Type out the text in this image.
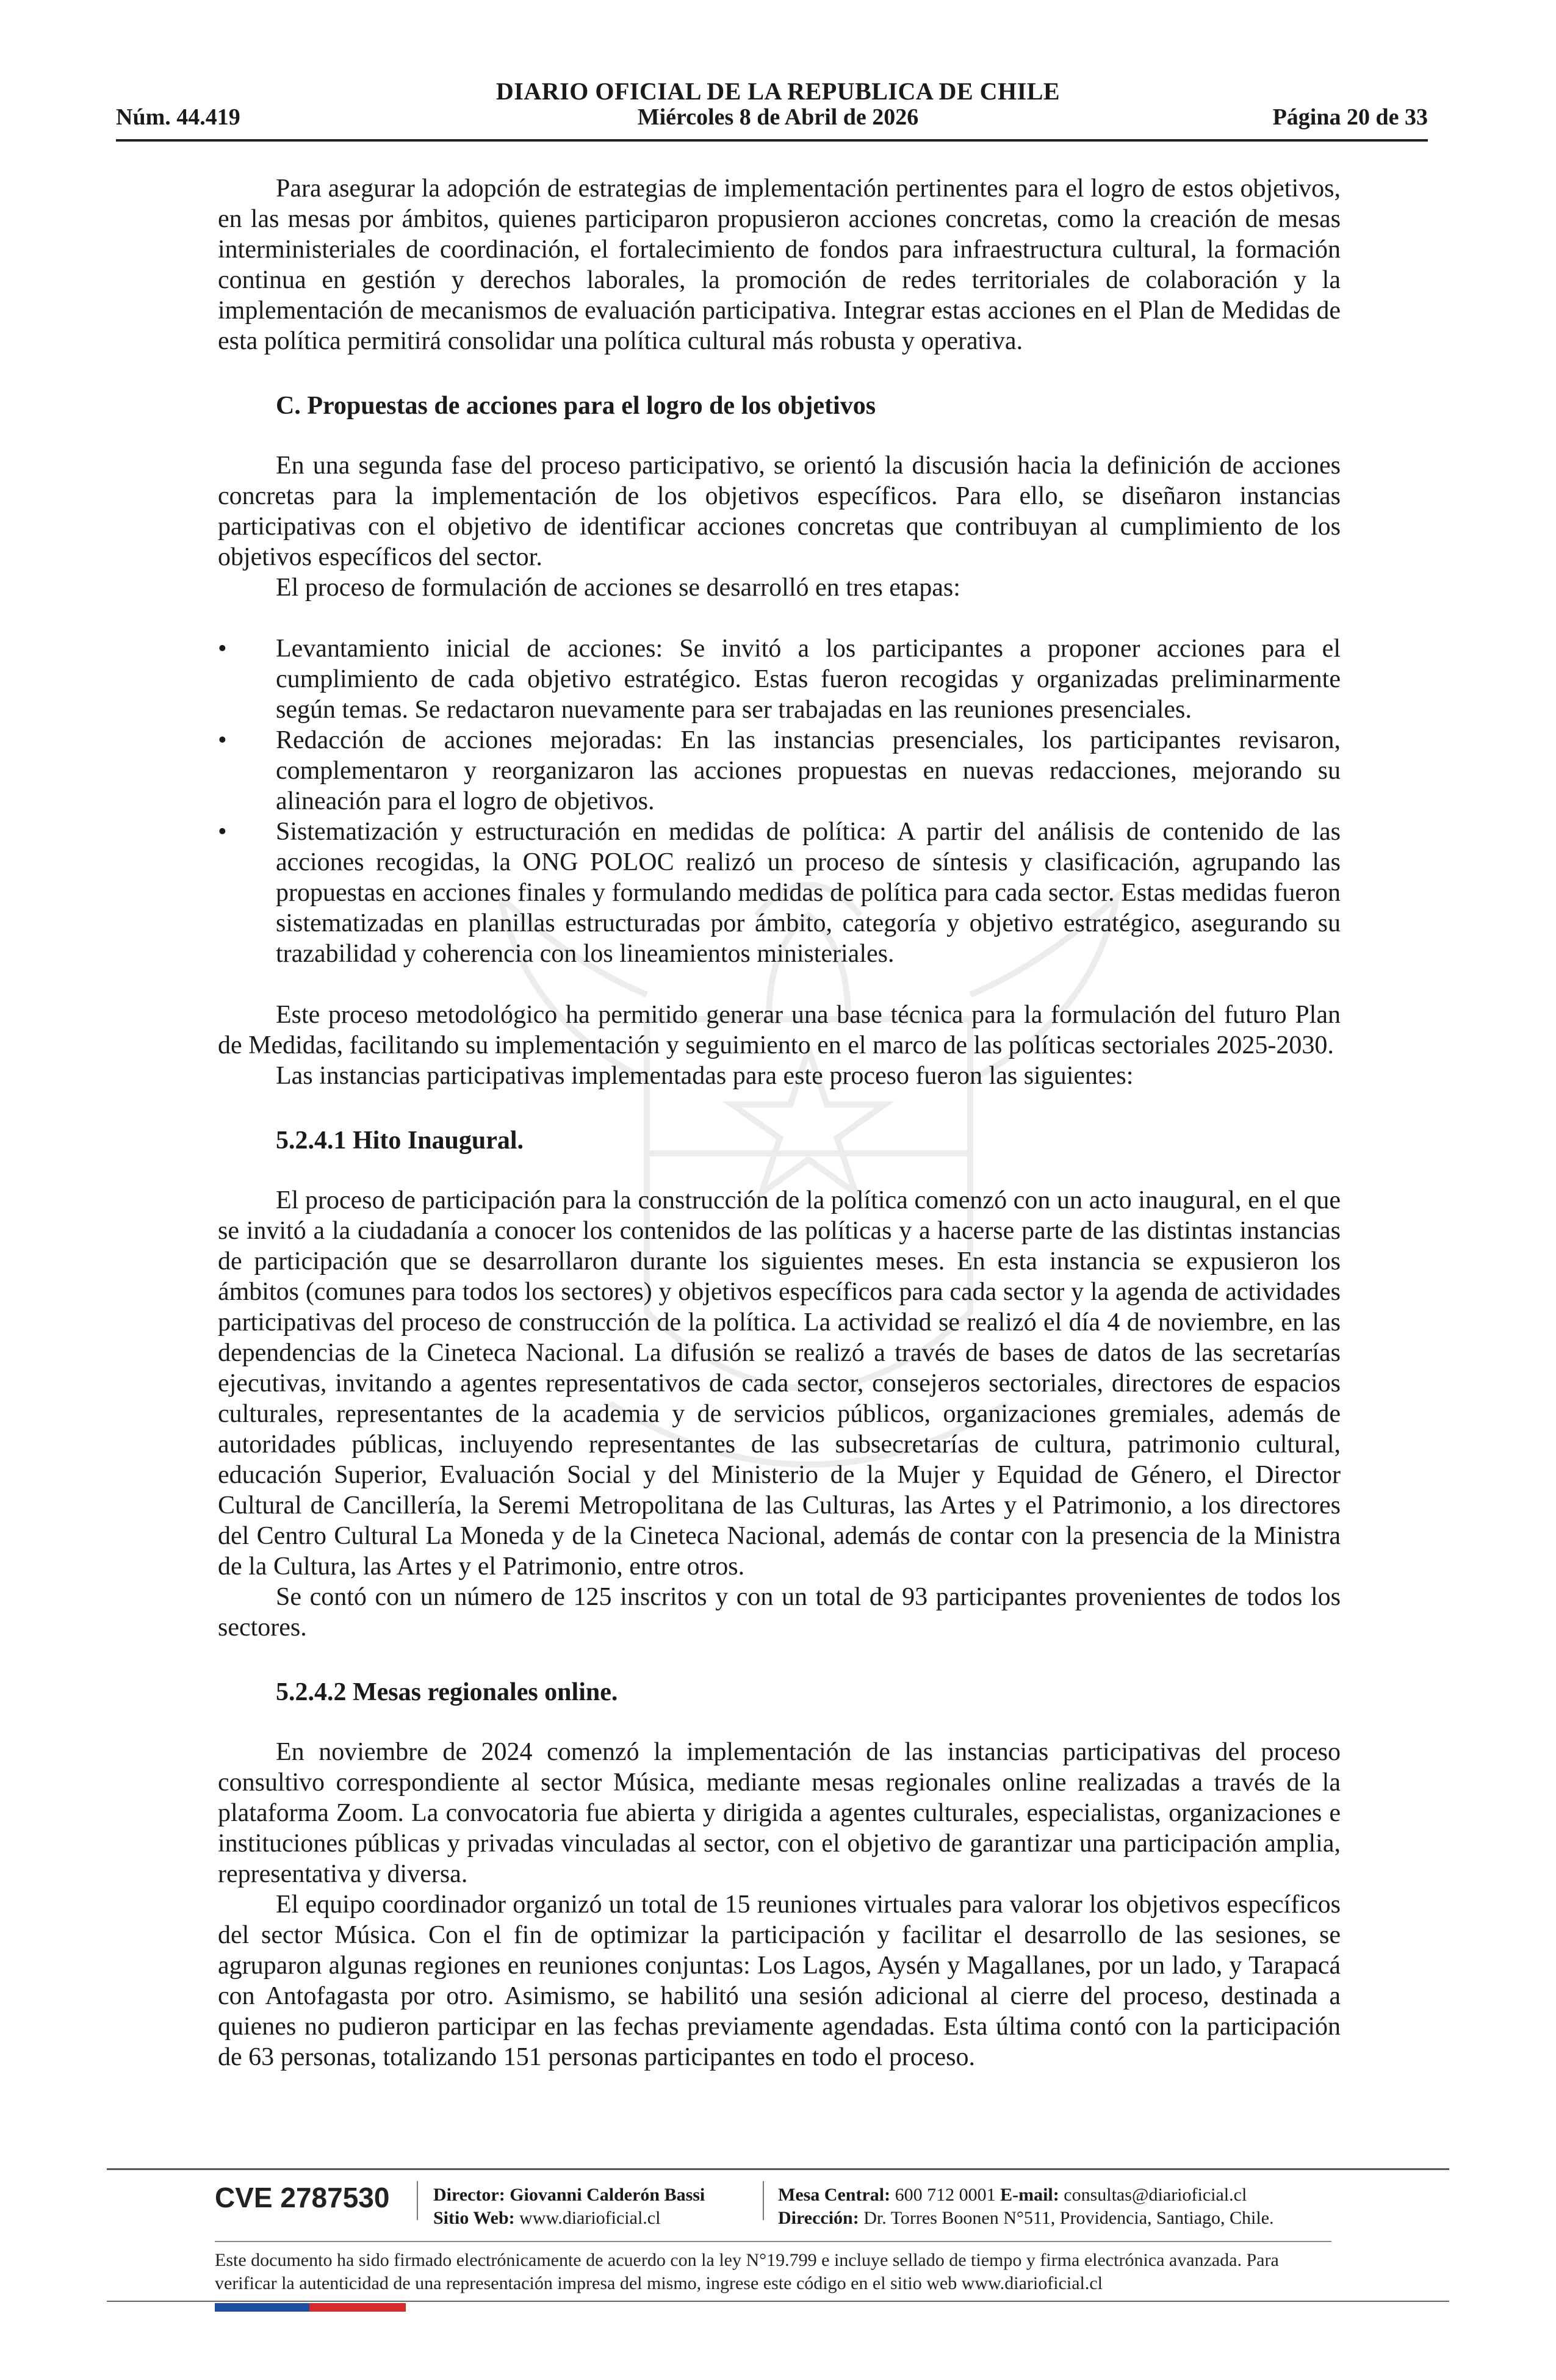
DIARIO OFICIAL DE LA REPUBLICA DE CHILE
Núm. 44.419	Miércoles 8 de Abril de 2026	Página 20 de 33

Para asegurar la adopción de estrategias de implementación pertinentes para el logro de estos objetivos, en las mesas por ámbitos, quienes participaron propusieron acciones concretas, como la creación de mesas interministeriales de coordinación, el fortalecimiento de fondos para infraestructura cultural, la formación continua en gestión y derechos laborales, la promoción de redes territoriales de colaboración y la implementación de mecanismos de evaluación participativa. Integrar estas acciones en el Plan de Medidas de esta política permitirá consolidar una política cultural más robusta y operativa.

C. Propuestas de acciones para el logro de los objetivos

En una segunda fase del proceso participativo, se orientó la discusión hacia la definición de acciones concretas para la implementación de los objetivos específicos. Para ello, se diseñaron instancias participativas con el objetivo de identificar acciones concretas que contribuyan al cumplimiento de los objetivos específicos del sector.

El proceso de formulación de acciones se desarrolló en tres etapas:

• Levantamiento inicial de acciones: Se invitó a los participantes a proponer acciones para el cumplimiento de cada objetivo estratégico. Estas fueron recogidas y organizadas preliminarmente según temas. Se redactaron nuevamente para ser trabajadas en las reuniones presenciales.
• Redacción de acciones mejoradas: En las instancias presenciales, los participantes revisaron, complementaron y reorganizaron las acciones propuestas en nuevas redacciones, mejorando su alineación para el logro de objetivos.
• Sistematización y estructuración en medidas de política: A partir del análisis de contenido de las acciones recogidas, la ONG POLOC realizó un proceso de síntesis y clasificación, agrupando las propuestas en acciones finales y formulando medidas de política para cada sector. Estas medidas fueron sistematizadas en planillas estructuradas por ámbito, categoría y objetivo estratégico, asegurando su trazabilidad y coherencia con los lineamientos ministeriales.

Este proceso metodológico ha permitido generar una base técnica para la formulación del futuro Plan de Medidas, facilitando su implementación y seguimiento en el marco de las políticas sectoriales 2025-2030.

Las instancias participativas implementadas para este proceso fueron las siguientes:

5.2.4.1 Hito Inaugural.

El proceso de participación para la construcción de la política comenzó con un acto inaugural, en el que se invitó a la ciudadanía a conocer los contenidos de las políticas y a hacerse parte de las distintas instancias de participación que se desarrollaron durante los siguientes meses. En esta instancia se expusieron los ámbitos (comunes para todos los sectores) y objetivos específicos para cada sector y la agenda de actividades participativas del proceso de construcción de la política. La actividad se realizó el día 4 de noviembre, en las dependencias de la Cineteca Nacional. La difusión se realizó a través de bases de datos de las secretarías ejecutivas, invitando a agentes representativos de cada sector, consejeros sectoriales, directores de espacios culturales, representantes de la academia y de servicios públicos, organizaciones gremiales, además de autoridades públicas, incluyendo representantes de las subsecretarías de cultura, patrimonio cultural, educación Superior, Evaluación Social y del Ministerio de la Mujer y Equidad de Género, el Director Cultural de Cancillería, la Seremi Metropolitana de las Culturas, las Artes y el Patrimonio, a los directores del Centro Cultural La Moneda y de la Cineteca Nacional, además de contar con la presencia de la Ministra de la Cultura, las Artes y el Patrimonio, entre otros.

Se contó con un número de 125 inscritos y con un total de 93 participantes provenientes de todos los sectores.

5.2.4.2 Mesas regionales online.

En noviembre de 2024 comenzó la implementación de las instancias participativas del proceso consultivo correspondiente al sector Música, mediante mesas regionales online realizadas a través de la plataforma Zoom. La convocatoria fue abierta y dirigida a agentes culturales, especialistas, organizaciones e instituciones públicas y privadas vinculadas al sector, con el objetivo de garantizar una participación amplia, representativa y diversa.

El equipo coordinador organizó un total de 15 reuniones virtuales para valorar los objetivos específicos del sector Música. Con el fin de optimizar la participación y facilitar el desarrollo de las sesiones, se agruparon algunas regiones en reuniones conjuntas: Los Lagos, Aysén y Magallanes, por un lado, y Tarapacá con Antofagasta por otro. Asimismo, se habilitó una sesión adicional al cierre del proceso, destinada a quienes no pudieron participar en las fechas previamente agendadas. Esta última contó con la participación de 63 personas, totalizando 151 personas participantes en todo el proceso.

CVE 2787530 Director: Giovanni Calderón Bassi
Sitio Web: www.diarioficial.cl
Mesa Central: 600 712 0001 E-mail: consultas@diarioficial.cl
Dirección: Dr. Torres Boonen N°511, Providencia, Santiago, Chile.
Este documento ha sido firmado electrónicamente de acuerdo con la ley N°19.799 e incluye sellado de tiempo y firma electrónica avanzada. Para verificar la autenticidad de una representación impresa del mismo, ingrese este código en el sitio web www.diarioficial.cl
